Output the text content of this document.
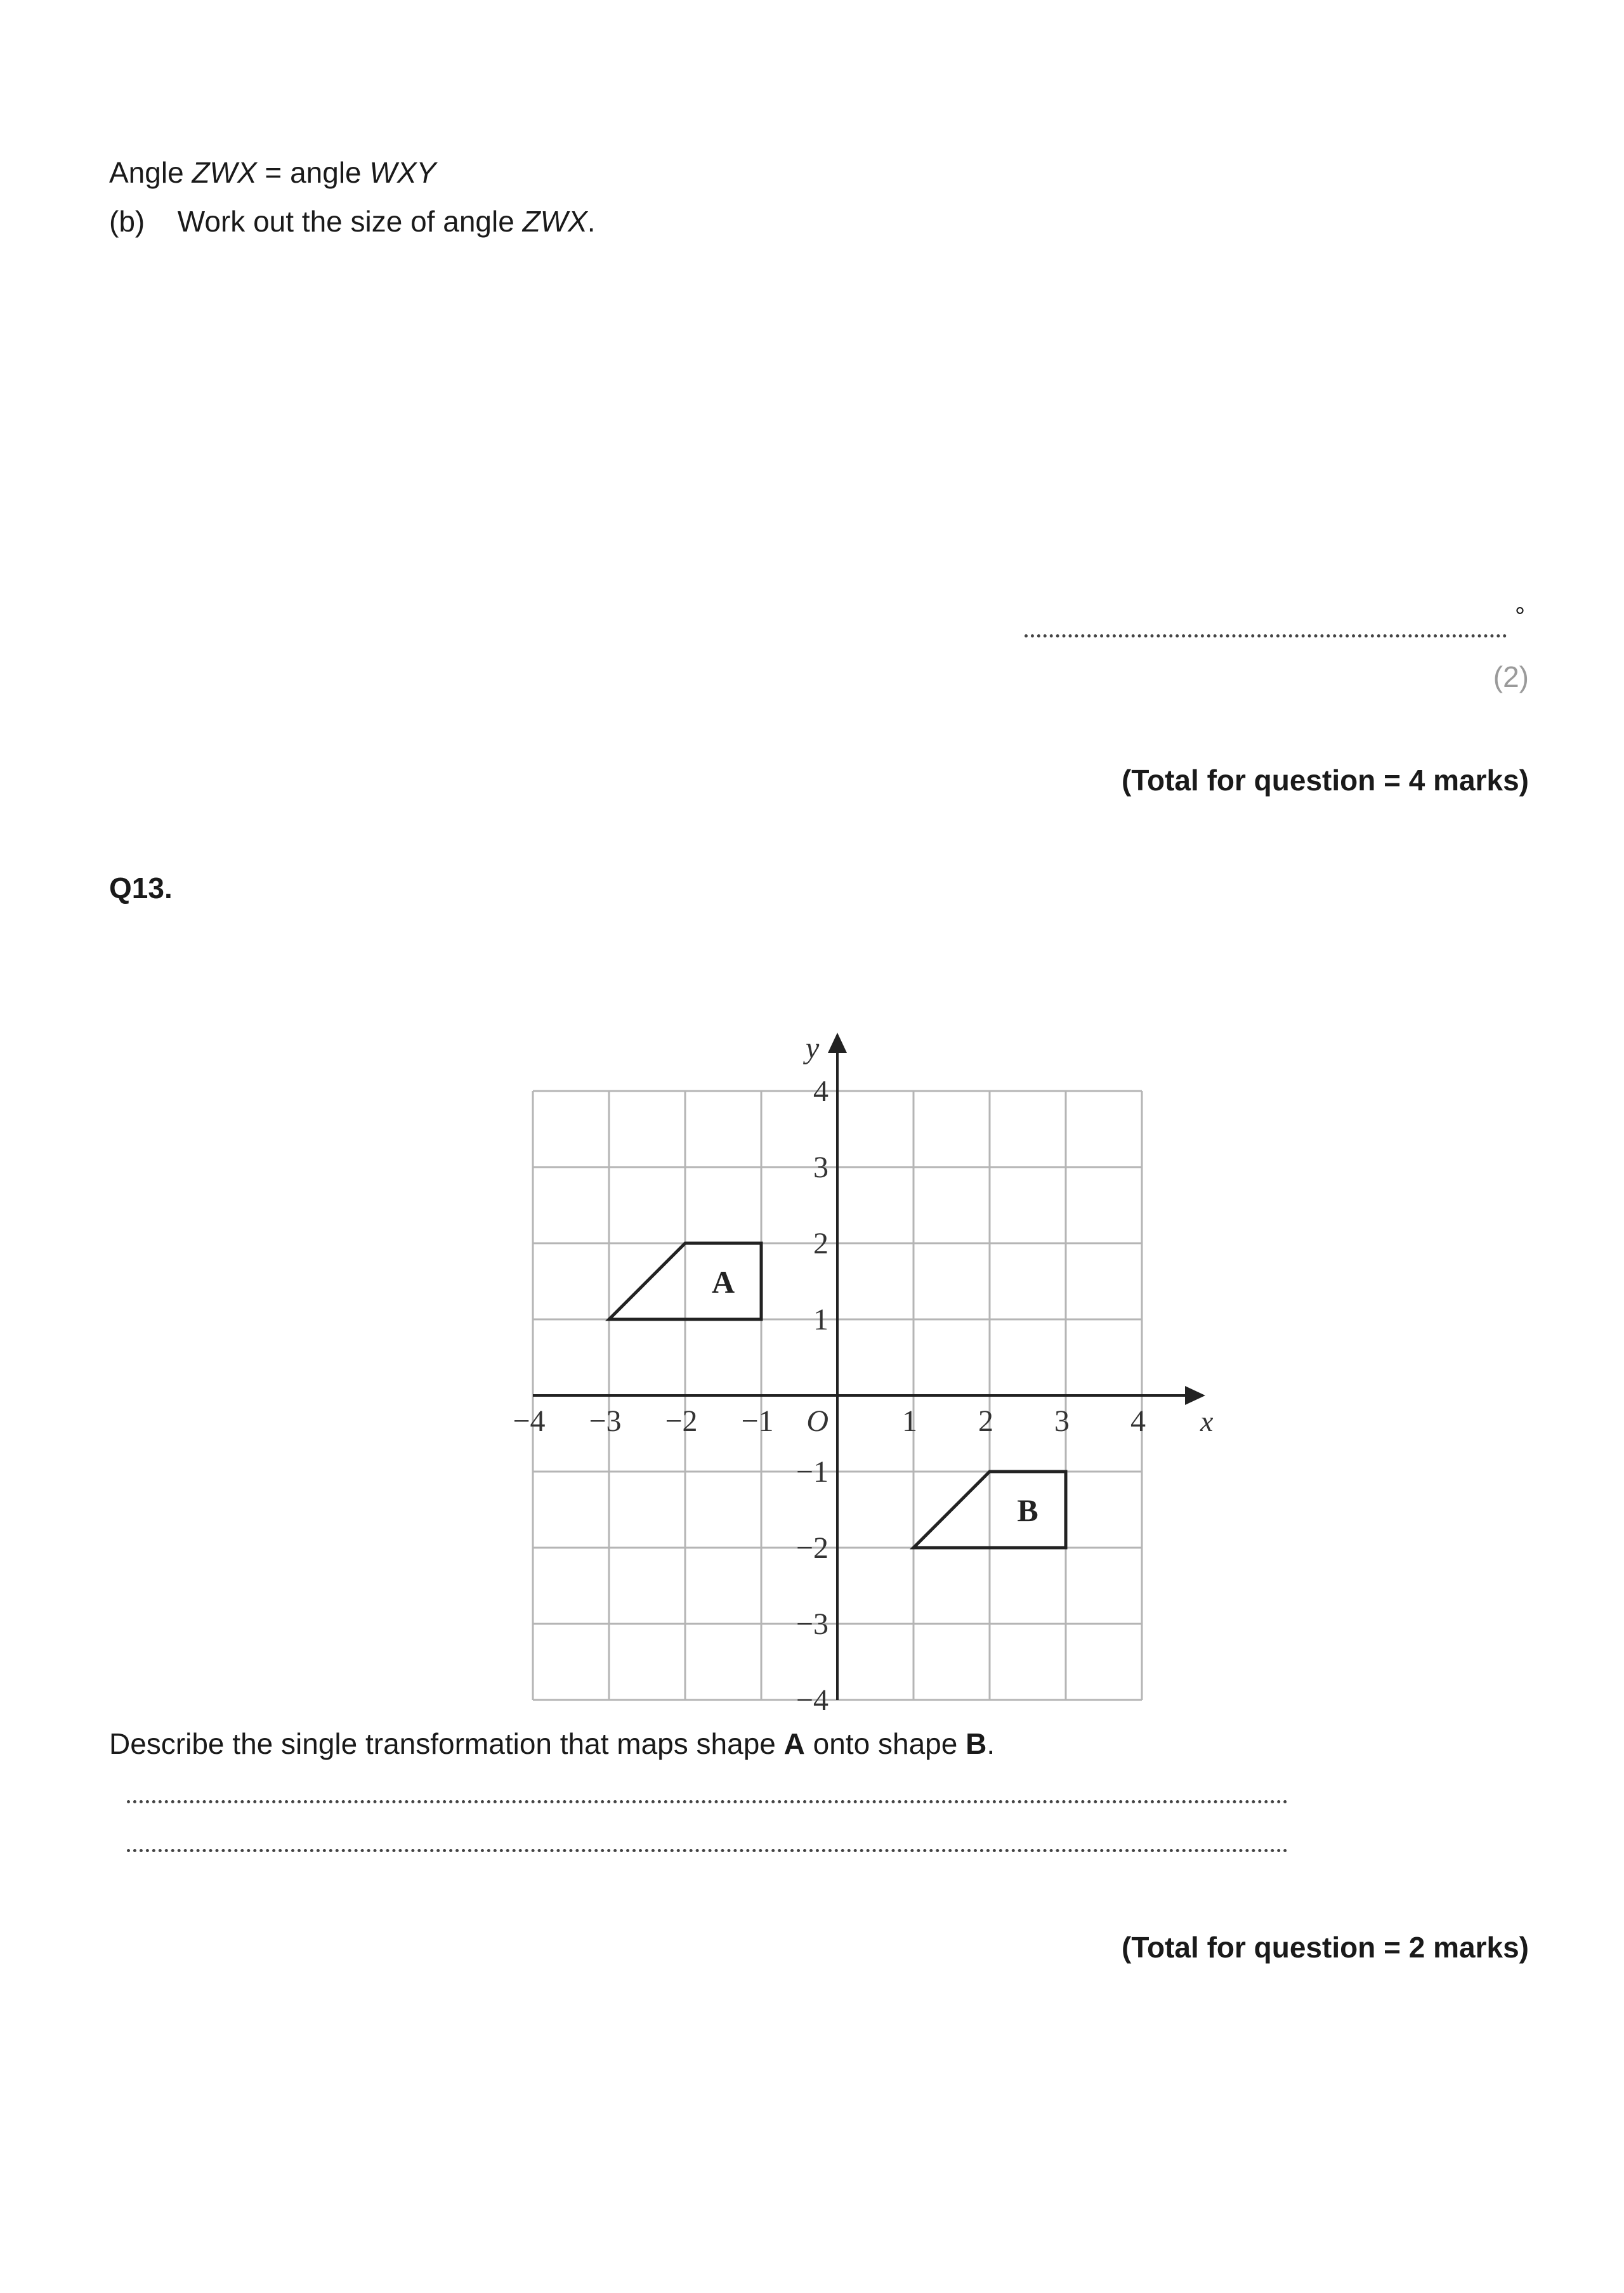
Angle ZWX = angle WXY
(b) Work out the size of angle ZWX.
°
(2)
(Total for question = 4 marks)
Q13.
A
B
−4 −3 −2 −1	1 2 3 4
4
3
2
1
−1
−2
−3
−4
O	x
y
Describe the single transformation that maps shape A onto shape B.
(Total for question = 2 marks)
